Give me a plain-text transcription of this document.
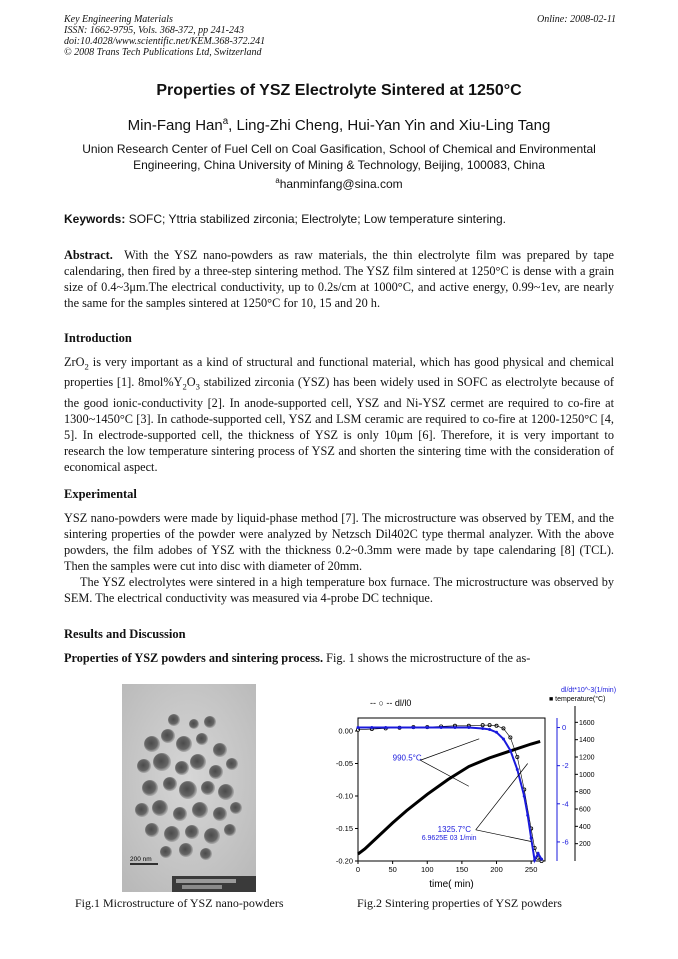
Key Engineering Materials
ISSN: 1662-9795, Vols. 368-372, pp 241-243
doi:10.4028/www.scientific.net/KEM.368-372.241
© 2008 Trans Tech Publications Ltd, Switzerland
Online: 2008-02-11
Properties of YSZ Electrolyte Sintered at 1250°C
Min-Fang Han$^a$, Ling-Zhi Cheng, Hui-Yan Yin and Xiu-Ling Tang
Union Research Center of Fuel Cell on Coal Gasification, School of Chemical and Environmental
Engineering, China University of Mining & Technology, Beijing, 100083, China
$^a$hanminfang@sina.com
Keywords: SOFC; Yttria stabilized zirconia; Electrolyte; Low temperature sintering.
Abstract. With the YSZ nano-powders as raw materials, the thin electrolyte film was prepared by tape calendaring, then fired by a three-step sintering method. The YSZ film sintered at 1250°C is dense with a grain size of 0.4~3μm.The electrical conductivity, up to 0.2s/cm at 1000°C, and active energy, 0.99~1ev, are nearly the same for the samples sintered at 1250°C for 10, 15 and 20 h.
Introduction
ZrO$_2$ is very important as a kind of structural and functional material, which has good physical and chemical properties [1]. $8mol\%Y_2O_3$ stabilized zirconia (YSZ) has been widely used in SOFC as electrolyte because of the good ionic-conductivity [2]. In anode-supported cell, YSZ and Ni-YSZ cermet are required to co-fire at 1300~1450°C [3]. In cathode-supported cell, YSZ and LSM ceramic are required to co-fire at 1200-1250°C [4, 5]. In electrode-supported cell, the thickness of YSZ is only 10μm [6]. Therefore, it is very important to research the low temperature sintering process of YSZ and shorten the sintering time with the consideration of economical aspect.
Experimental
YSZ nano-powders were made by liquid-phase method [7]. The microstructure was observed by TEM, and the sintering properties of the powder were analyzed by Netzsch Dil402C type thermal analyzer. With the above powders, the film adobes of YSZ with the thickness 0.2~0.3mm were made by tape calendaring [8] (TCL). Then the samples were cut into disc with diameter of 20mm.
The YSZ electrolytes were sintered in a high temperature box furnace. The microstructure was observed by SEM. The electrical conductivity was measured via 4-probe DC technique.
Results and Discussion
Properties of YSZ powders and sintering process. Fig. 1 shows the microstructure of the as-
200 nm
Fig.1 Microstructure of YSZ nano-powders
0	50	100	150	200	250
0.00
-0.05
-0.10
-0.15
-0.20
0
-2
-4
-6
1600
1400
1200
1000
800
600
400
200
time( min)
-- ○ -- dl/l0
dl/dt*10^-3(1/min)
■ temperature(°C)
990.5°C
1325.7°C
6.9625E 03 1/min
Fig.2 Sintering properties of YSZ powders
